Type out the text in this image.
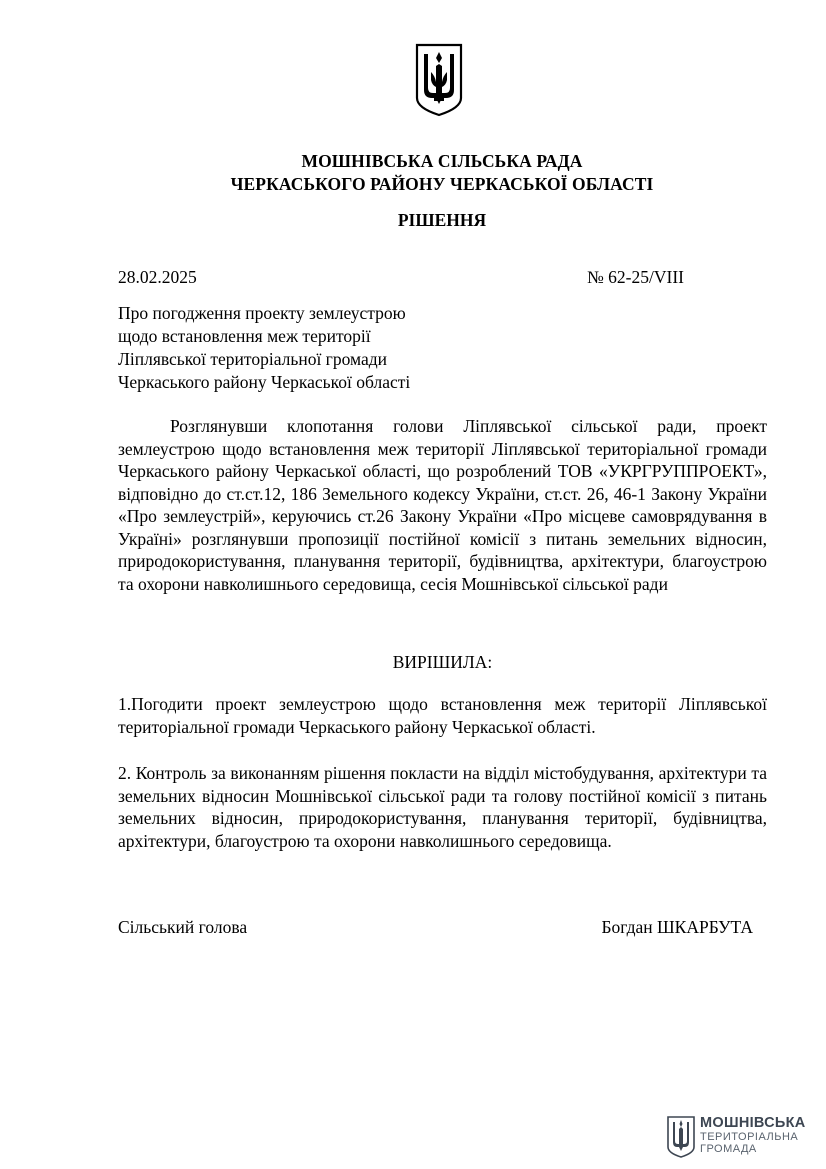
МОШНІВСЬКА СІЛЬСЬКА РАДА
ЧЕРКАСЬКОГО РАЙОНУ ЧЕРКАСЬКОЇ ОБЛАСТІ
РІШЕННЯ
28.02.2025	№ 62-25/VIII
Про погодження проекту землеустрою
щодо встановлення меж території
Ліплявської територіальної громади
Черкаського району Черкаської області
Розглянувши клопотання голови Ліплявської сільської ради, проект землеустрою щодо встановлення меж території Ліплявської територіальної громади Черкаського району Черкаської області, що розроблений ТОВ «УКРГРУППРОЕКТ», відповідно до ст.ст.12, 186 Земельного кодексу України, ст.ст. 26, 46-1 Закону України «Про землеустрій», керуючись ст.26 Закону України «Про місцеве самоврядування в Україні» розглянувши пропозиції постійної комісії з питань земельних відносин, природокористування, планування території, будівництва, архітектури, благоустрою та охорони навколишнього середовища, сесія Мошнівської сільської ради
ВИРІШИЛА:
1.Погодити проект землеустрою щодо встановлення меж території Ліплявської територіальної громади Черкаського району Черкаської області.
2. Контроль за виконанням рішення покласти на відділ містобудування, архітектури та земельних відносин Мошнівської сільської ради та голову постійної комісії з питань земельних відносин, природокористування, планування території, будівництва, архітектури, благоустрою та охорони навколишнього середовища.
Сільський голова	Богдан ШКАРБУТА
МОШНІВСЬКА
ТЕРИТОРІАЛЬНА
ГРОМАДА
